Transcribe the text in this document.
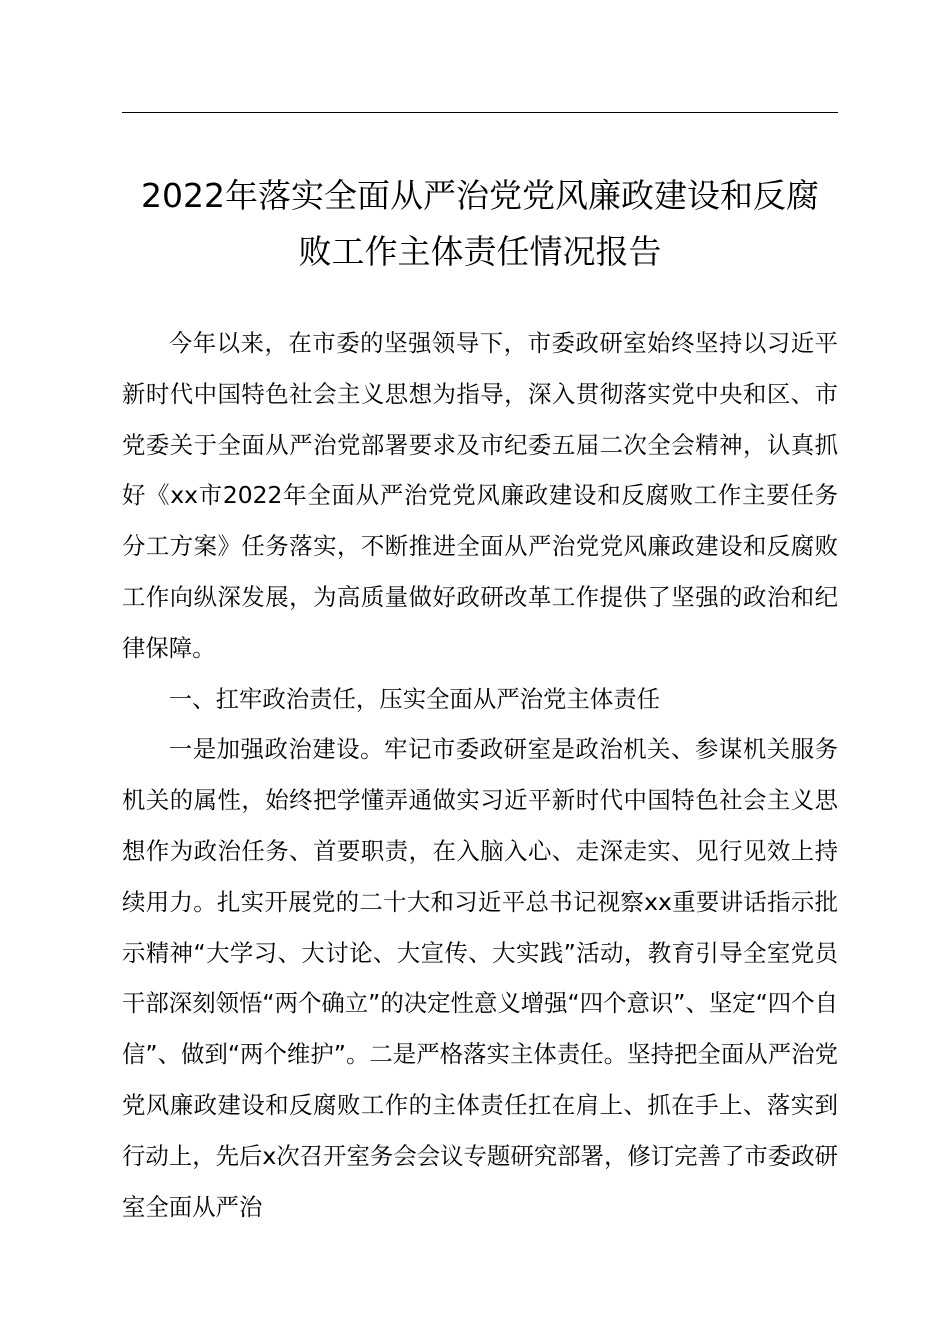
2022年落实全面从严治党党风廉政建设和反腐
败工作主体责任情况报告

今年以来，在市委的坚强领导下，市委政研室始终坚持以习近平新时代中国特色社会主义思想为指导，深入贯彻落实党中央和区、市党委关于全面从严治党部署要求及市纪委五届二次全会精神，认真抓好《xx市2022年全面从严治党党风廉政建设和反腐败工作主要任务分工方案》任务落实，不断推进全面从严治党党风廉政建设和反腐败工作向纵深发展，为高质量做好政研改革工作提供了坚强的政治和纪律保障。

一、扛牢政治责任，压实全面从严治党主体责任

一是加强政治建设。牢记市委政研室是政治机关、参谋机关服务机关的属性，始终把学懂弄通做实习近平新时代中国特色社会主义思想作为政治任务、首要职责，在入脑入心、走深走实、见行见效上持续用力。扎实开展党的二十大和习近平总书记视察xx重要讲话指示批示精神“大学习、大讨论、大宣传、大实践”活动，教育引导全室党员干部深刻领悟“两个确立”的决定性意义增强“四个意识”、坚定“四个自信”、做到“两个维护”。二是严格落实主体责任。坚持把全面从严治党党风廉政建设和反腐败工作的主体责任扛在肩上、抓在手上、落实到行动上，先后x次召开室务会会议专题研究部署，修订完善了市委政研室全面从严治
